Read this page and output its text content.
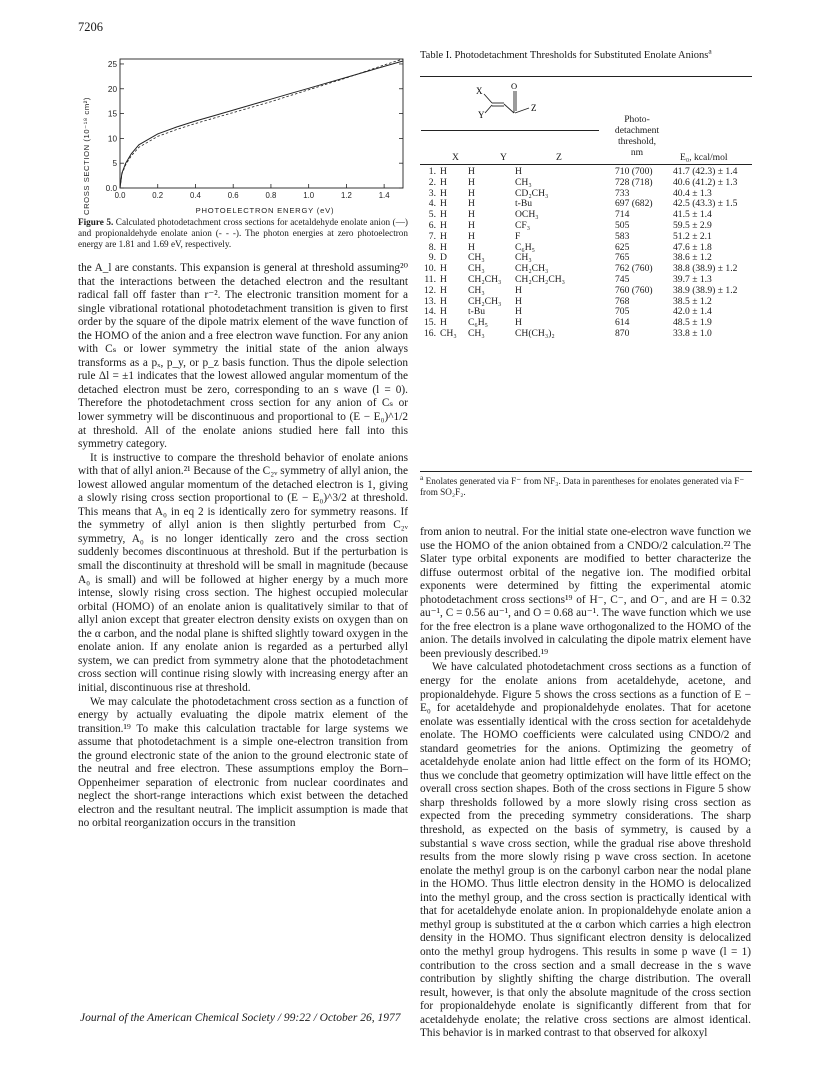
7206
0.0
5
10
15
20
25
0.0	0.2	0.4	0.6	0.8	1.0	1.2	1.4
CROSS SECTION (10⁻¹⁸ cm²)	PHOTOELECTRON ENERGY (eV)
Figure 5. Calculated photodetachment cross sections for acetaldehyde enolate anion (—) and propionaldehyde enolate anion (- - -). The photon energies at zero photoelectron energy are 1.81 and 1.69 eV, respectively.
Table I. Photodetachment Thresholds for Substituted Enolate Anions$^a$
X
Y
O
Z
Photo- detachment threshold, nm
X	Y	Z	E₀, kcal/mol
1.	H	H	H	710 (700)	41.7 (42.3) ± 1.4
2.	H	H	CH₃	728 (718)	40.6 (41.2) ± 1.3
3.	H	H	CD₂CH₃	733	40.4 ± 1.3
4.	H	H	t-Bu	697 (682)	42.5 (43.3) ± 1.5
5.	H	H	OCH₃	714	41.5 ± 1.4
6.	H	H	CF₃	505	59.5 ± 2.9
7.	H	H	F	583	51.2 ± 2.1
8.	H	H	C₆H₅	625	47.6 ± 1.8
9.	D	CH₃	CH₃	765	38.6 ± 1.2
10.	H	CH₃	CH₂CH₃	762 (760)	38.8 (38.9) ± 1.2
11.	H	CH₂CH₃	CH₂CH₂CH₃	745	39.7 ± 1.3
12.	H	CH₃	H	760 (760)	38.9 (38.9) ± 1.2
13.	H	CH₂CH₃	H	768	38.5 ± 1.2
14.	H	t-Bu	H	705	42.0 ± 1.4
15.	H	C₆H₅	H	614	48.5 ± 1.9
16.	CH₃	CH₃	CH(CH₃)₂	870	33.8 ± 1.0
$^a$ Enolates generated via F⁻ from NF₃. Data in parentheses for enolates generated via F⁻ from SO₂F₂.

the A_l are constants. This expansion is general at threshold assuming²⁰ that the interactions between the detached electron and the resultant radical fall off faster than r⁻². The electronic transition moment for a single vibrational rotational photodetachment transition is given to first order by the square of the dipole matrix element of the wave function of the HOMO of the anion and a free electron wave function. For any anion with Cₛ or lower symmetry the initial state of the anion always transforms as a pₓ, p_y, or p_z basis function. Thus the dipole selection rule Δl = ±1 indicates that the lowest allowed angular momentum of the detached electron must be zero, corresponding to an s wave (l = 0). Therefore the photodetachment cross section for any anion of Cₛ or lower symmetry will be discontinuous and proportional to (E − E₀)^1/2 at threshold. All of the enolate anions studied here fall into this symmetry category.

It is instructive to compare the threshold behavior of enolate anions with that of allyl anion.²¹ Because of the C₂ᵥ symmetry of allyl anion, the lowest allowed angular momentum of the detached electron is 1, giving a slowly rising cross section proportional to (E − E₀)^3/2 at threshold. This means that A₀ in eq 2 is identically zero for symmetry reasons. If the symmetry of allyl anion is then slightly perturbed from C₂ᵥ symmetry, A₀ is no longer identically zero and the cross section suddenly becomes discontinuous at threshold. But if the perturbation is small the discontinuity at threshold will be small in magnitude (because A₀ is small) and will be followed at higher energy by a much more intense, slowly rising cross section. The highest occupied molecular orbital (HOMO) of an enolate anion is qualitatively similar to that of allyl anion except that greater electron density exists on oxygen than on the α carbon, and the nodal plane is shifted slightly toward oxygen in the enolate anion. If any enolate anion is regarded as a perturbed allyl system, we can predict from symmetry alone that the photodetachment cross section will continue rising slowly with increasing energy after an initial, discontinuous rise at threshold.

We may calculate the photodetachment cross section as a function of energy by actually evaluating the dipole matrix element of the transition.¹⁹ To make this calculation tractable for large systems we assume that photodetachment is a simple one-electron transition from the ground electronic state of the anion to the ground electronic state of the neutral and free electron. These assumptions employ the Born–Oppenheimer separation of electronic from nuclear coordinates and neglect the short-range interactions which exist between the detached electron and the resultant neutral. The implicit assumption is made that no orbital reorganization occurs in the transition

from anion to neutral. For the initial state one-electron wave function we use the HOMO of the anion obtained from a CNDO/2 calculation.²² The Slater type orbital exponents are modified to better characterize the diffuse outermost orbital of the negative ion. The modified orbital exponents were determined by fitting the experimental atomic photodetachment cross sections¹⁹ of H⁻, C⁻, and O⁻, and are H = 0.32 au⁻¹, C = 0.56 au⁻¹, and O = 0.68 au⁻¹. The wave function which we use for the free electron is a plane wave orthogonalized to the HOMO of the anion. The details involved in calculating the dipole matrix element have been previously described.¹⁹

We have calculated photodetachment cross sections as a function of energy for the enolate anions from acetaldehyde, acetone, and propionaldehyde. Figure 5 shows the cross sections as a function of E − E₀ for acetaldehyde and propionaldehyde enolates. That for acetone enolate was essentially identical with the cross section for acetaldehyde enolate. The HOMO coefficients were calculated using CNDO/2 and standard geometries for the anions. Optimizing the geometry of acetaldehyde enolate anion had little effect on the form of its HOMO; thus we conclude that geometry optimization will have little effect on the overall cross section shapes. Both of the cross sections in Figure 5 show sharp thresholds followed by a more slowly rising cross section as expected from the preceding symmetry considerations. The sharp threshold, as expected on the basis of symmetry, is caused by a substantial s wave cross section, while the gradual rise above threshold results from the more slowly rising p wave cross section. In acetone enolate the methyl group is on the carbonyl carbon near the nodal plane in the HOMO. Thus little electron density in the HOMO is delocalized into the methyl group, and the cross section is practically identical with that for acetaldehyde enolate anion. In propionaldehyde enolate anion a methyl group is substituted at the α carbon which carries a high electron density in the HOMO. Thus significant electron density is delocalized onto the methyl group hydrogens. This results in some p wave (l = 1) contribution to the cross section and a small decrease in the s wave contribution by slightly shifting the charge distribution. The overall result, however, is that only the absolute magnitude of the cross section for propionaldehyde enolate is significantly different from that for acetaldehyde enolate; the relative cross sections are almost identical. This behavior is in marked contrast to that observed for alkoxyl

Journal of the American Chemical Society / 99:22 / October 26, 1977
